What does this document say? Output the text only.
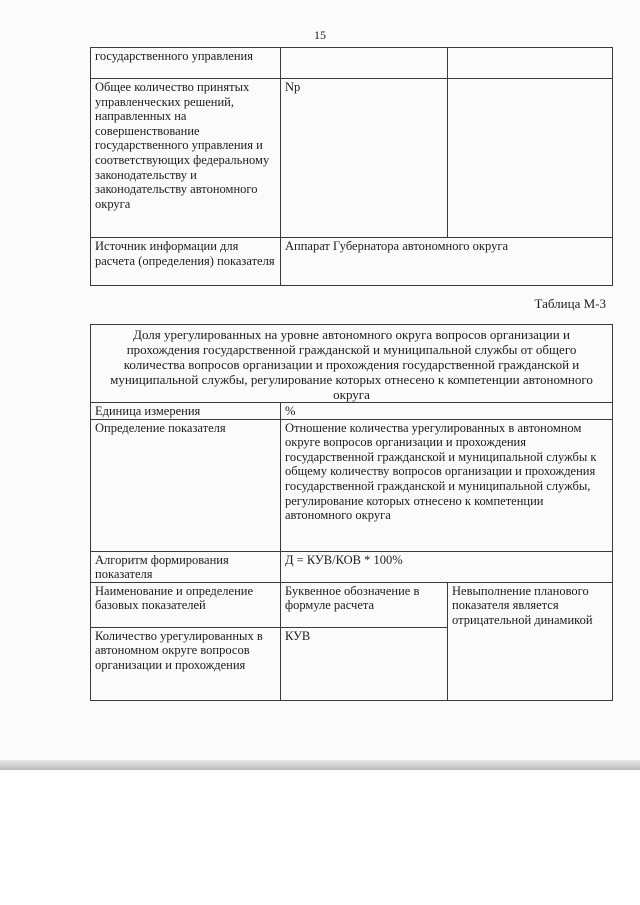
15
государственного управления		
Общее количество принятых управленческих решений, направленных на совершенствование государственного управления и соответствующих федеральному законодательству и законодательству автономного округа	Np	
Источник информации для расчета (определения) показателя	Аппарат Губернатора автономного округа	
Таблица М-3
Доля урегулированных на уровне автономного округа вопросов организации и прохождения государственной гражданской и муниципальной службы от общего количества вопросов организации и прохождения государственной гражданской и муниципальной службы, регулирование которых отнесено к компетенции автономного округа		
Единица измерения	%	
Определение показателя	Отношение количества урегулированных в автономном округе вопросов организации и прохождения государственной гражданской и муниципальной службы к общему количеству вопросов организации и прохождения государственной гражданской и муниципальной службы, регулирование которых отнесено к компетенции автономного округа	
Алгоритм формирования показателя	Д = КУВ/КОВ * 100%	
Наименование и определение базовых показателей	Буквенное обозначение в формуле расчета	Невыполнение планового показателя является отрицательной динамикой
Количество урегулированных в автономном округе вопросов организации и прохождения	КУВ	
